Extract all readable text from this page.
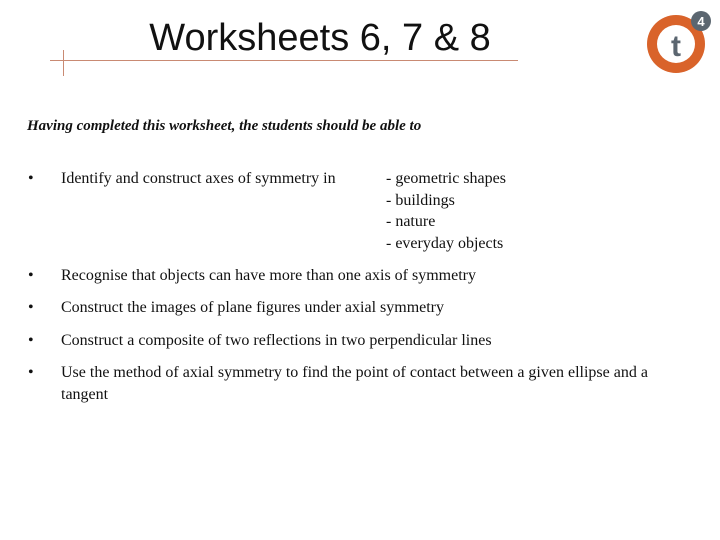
Worksheets 6, 7 & 8	t
4
Having completed this worksheet, the students should be able to
•	Identify and construct axes of symmetry in	- geometric shapes
- buildings
- nature
- everyday objects
•	Recognise that objects can have more than one axis of symmetry
•	Construct the images of plane figures under axial symmetry
•	Construct a composite of two reflections in two perpendicular lines
•	Use the method of axial symmetry to find the point of contact between a given ellipse and a tangent
